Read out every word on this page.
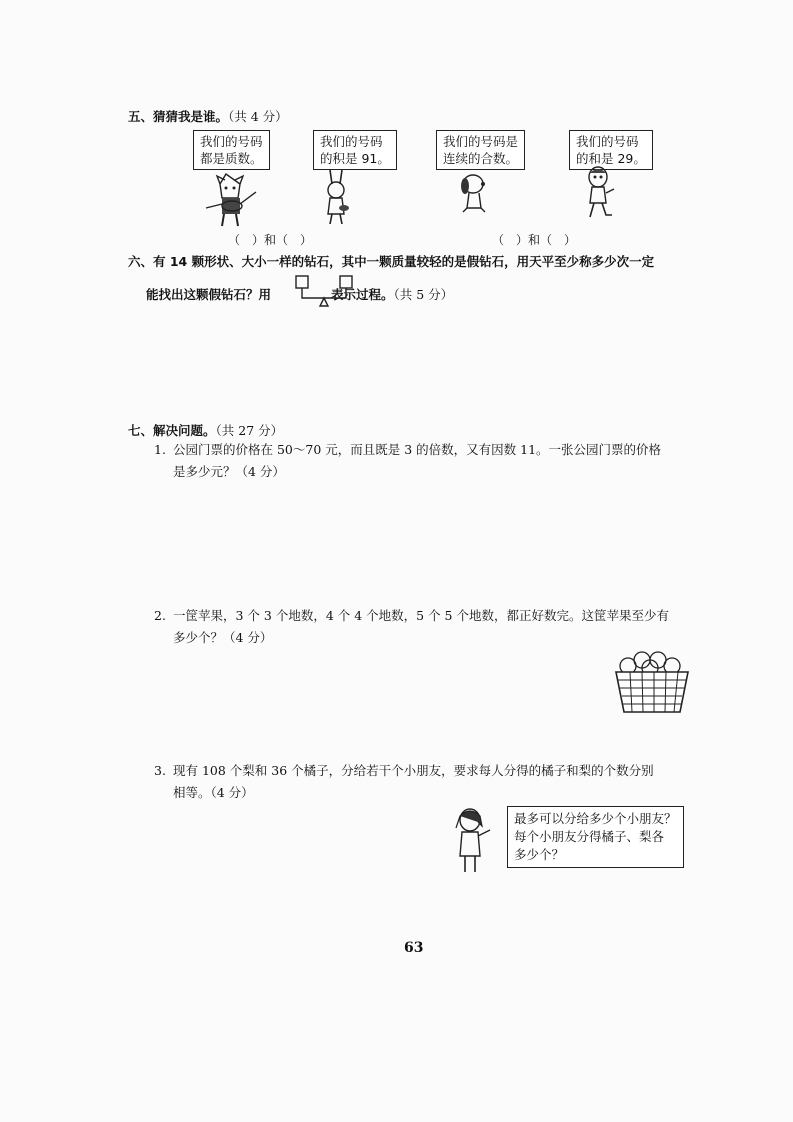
五、猜猜我是谁。（共 4 分）
我们的号码
都是质数。
我们的号码
的积是 91。
我们的号码是
连续的合数。
我们的号码
的和是 29。
（　）和（　）	（　）和（　）
六、有 14 颗形状、大小一样的钻石，其中一颗质量较轻的是假钻石，用天平至少称多少次一定
能找出这颗假钻石？用	表示过程。（共 5 分）
七、解决问题。（共 27 分）
1. 公园门票的价格在 50～70 元，而且既是 3 的倍数，又有因数 11。一张公园门票的价格
是多少元？（4 分）
2. 一筐苹果，3 个 3 个地数，4 个 4 个地数，5 个 5 个地数，都正好数完。这筐苹果至少有
多少个？（4 分）
3. 现有 108 个梨和 36 个橘子，分给若干个小朋友，要求每人分得的橘子和梨的个数分别
相等。（4 分）
最多可以分给多少个小朋友？
每个小朋友分得橘子、梨各
多少个？
63
